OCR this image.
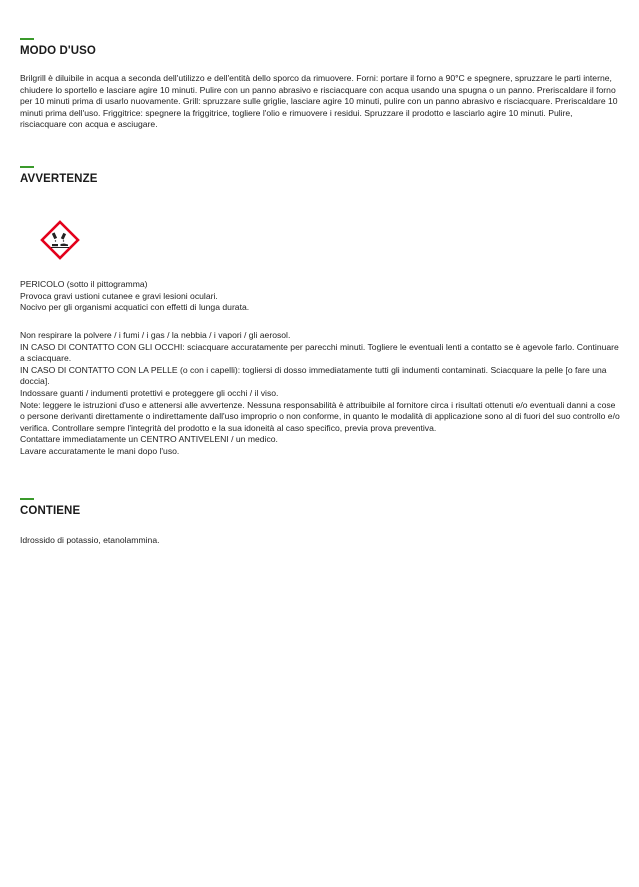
MODO D'USO
Brilgrill è diluibile in acqua a seconda dell'utilizzo e dell'entità dello sporco da rimuovere. Forni: portare il forno a 90°C e spegnere, spruzzare le parti interne, chiudere lo sportello e lasciare agire 10 minuti. Pulire con un panno abrasivo e risciacquare con acqua usando una spugna o un panno. Preriscaldare il forno per 10 minuti prima di usarlo nuovamente. Grill: spruzzare sulle griglie, lasciare agire 10 minuti, pulire con un panno abrasivo e risciacquare. Preriscaldare 10 minuti prima dell'uso. Friggitrice: spegnere la friggitrice, togliere l'olio e rimuovere i residui. Spruzzare il prodotto e lasciarlo agire 10 minuti. Pulire, risciacquare con acqua e asciugare.
AVVERTENZE
PERICOLO (sotto il pittogramma)
Provoca gravi ustioni cutanee e gravi lesioni oculari.
Nocivo per gli organismi acquatici con effetti di lunga durata.
Non respirare la polvere / i fumi / i gas / la nebbia / i vapori / gli aerosol.
IN CASO DI CONTATTO CON GLI OCCHI: sciacquare accuratamente per parecchi minuti. Togliere le eventuali lenti a contatto se è agevole farlo. Continuare a sciacquare.
IN CASO DI CONTATTO CON LA PELLE (o con i capelli): togliersi di dosso immediatamente tutti gli indumenti contaminati. Sciacquare la pelle [o fare una doccia].
Indossare guanti / indumenti protettivi e proteggere gli occhi / il viso.
Note: leggere le istruzioni d'uso e attenersi alle avvertenze. Nessuna responsabilità è attribuibile al fornitore circa i risultati ottenuti e/o eventuali danni a cose o persone derivanti direttamente o indirettamente dall'uso improprio o non conforme, in quanto le modalità di applicazione sono al di fuori del suo controllo e/o verifica. Controllare sempre l'integrità del prodotto e la sua idoneità al caso specifico, previa prova preventiva.
Contattare immediatamente un CENTRO ANTIVELENI / un medico.
Lavare accuratamente le mani dopo l'uso.
CONTIENE
Idrossido di potassio, etanolammina.
